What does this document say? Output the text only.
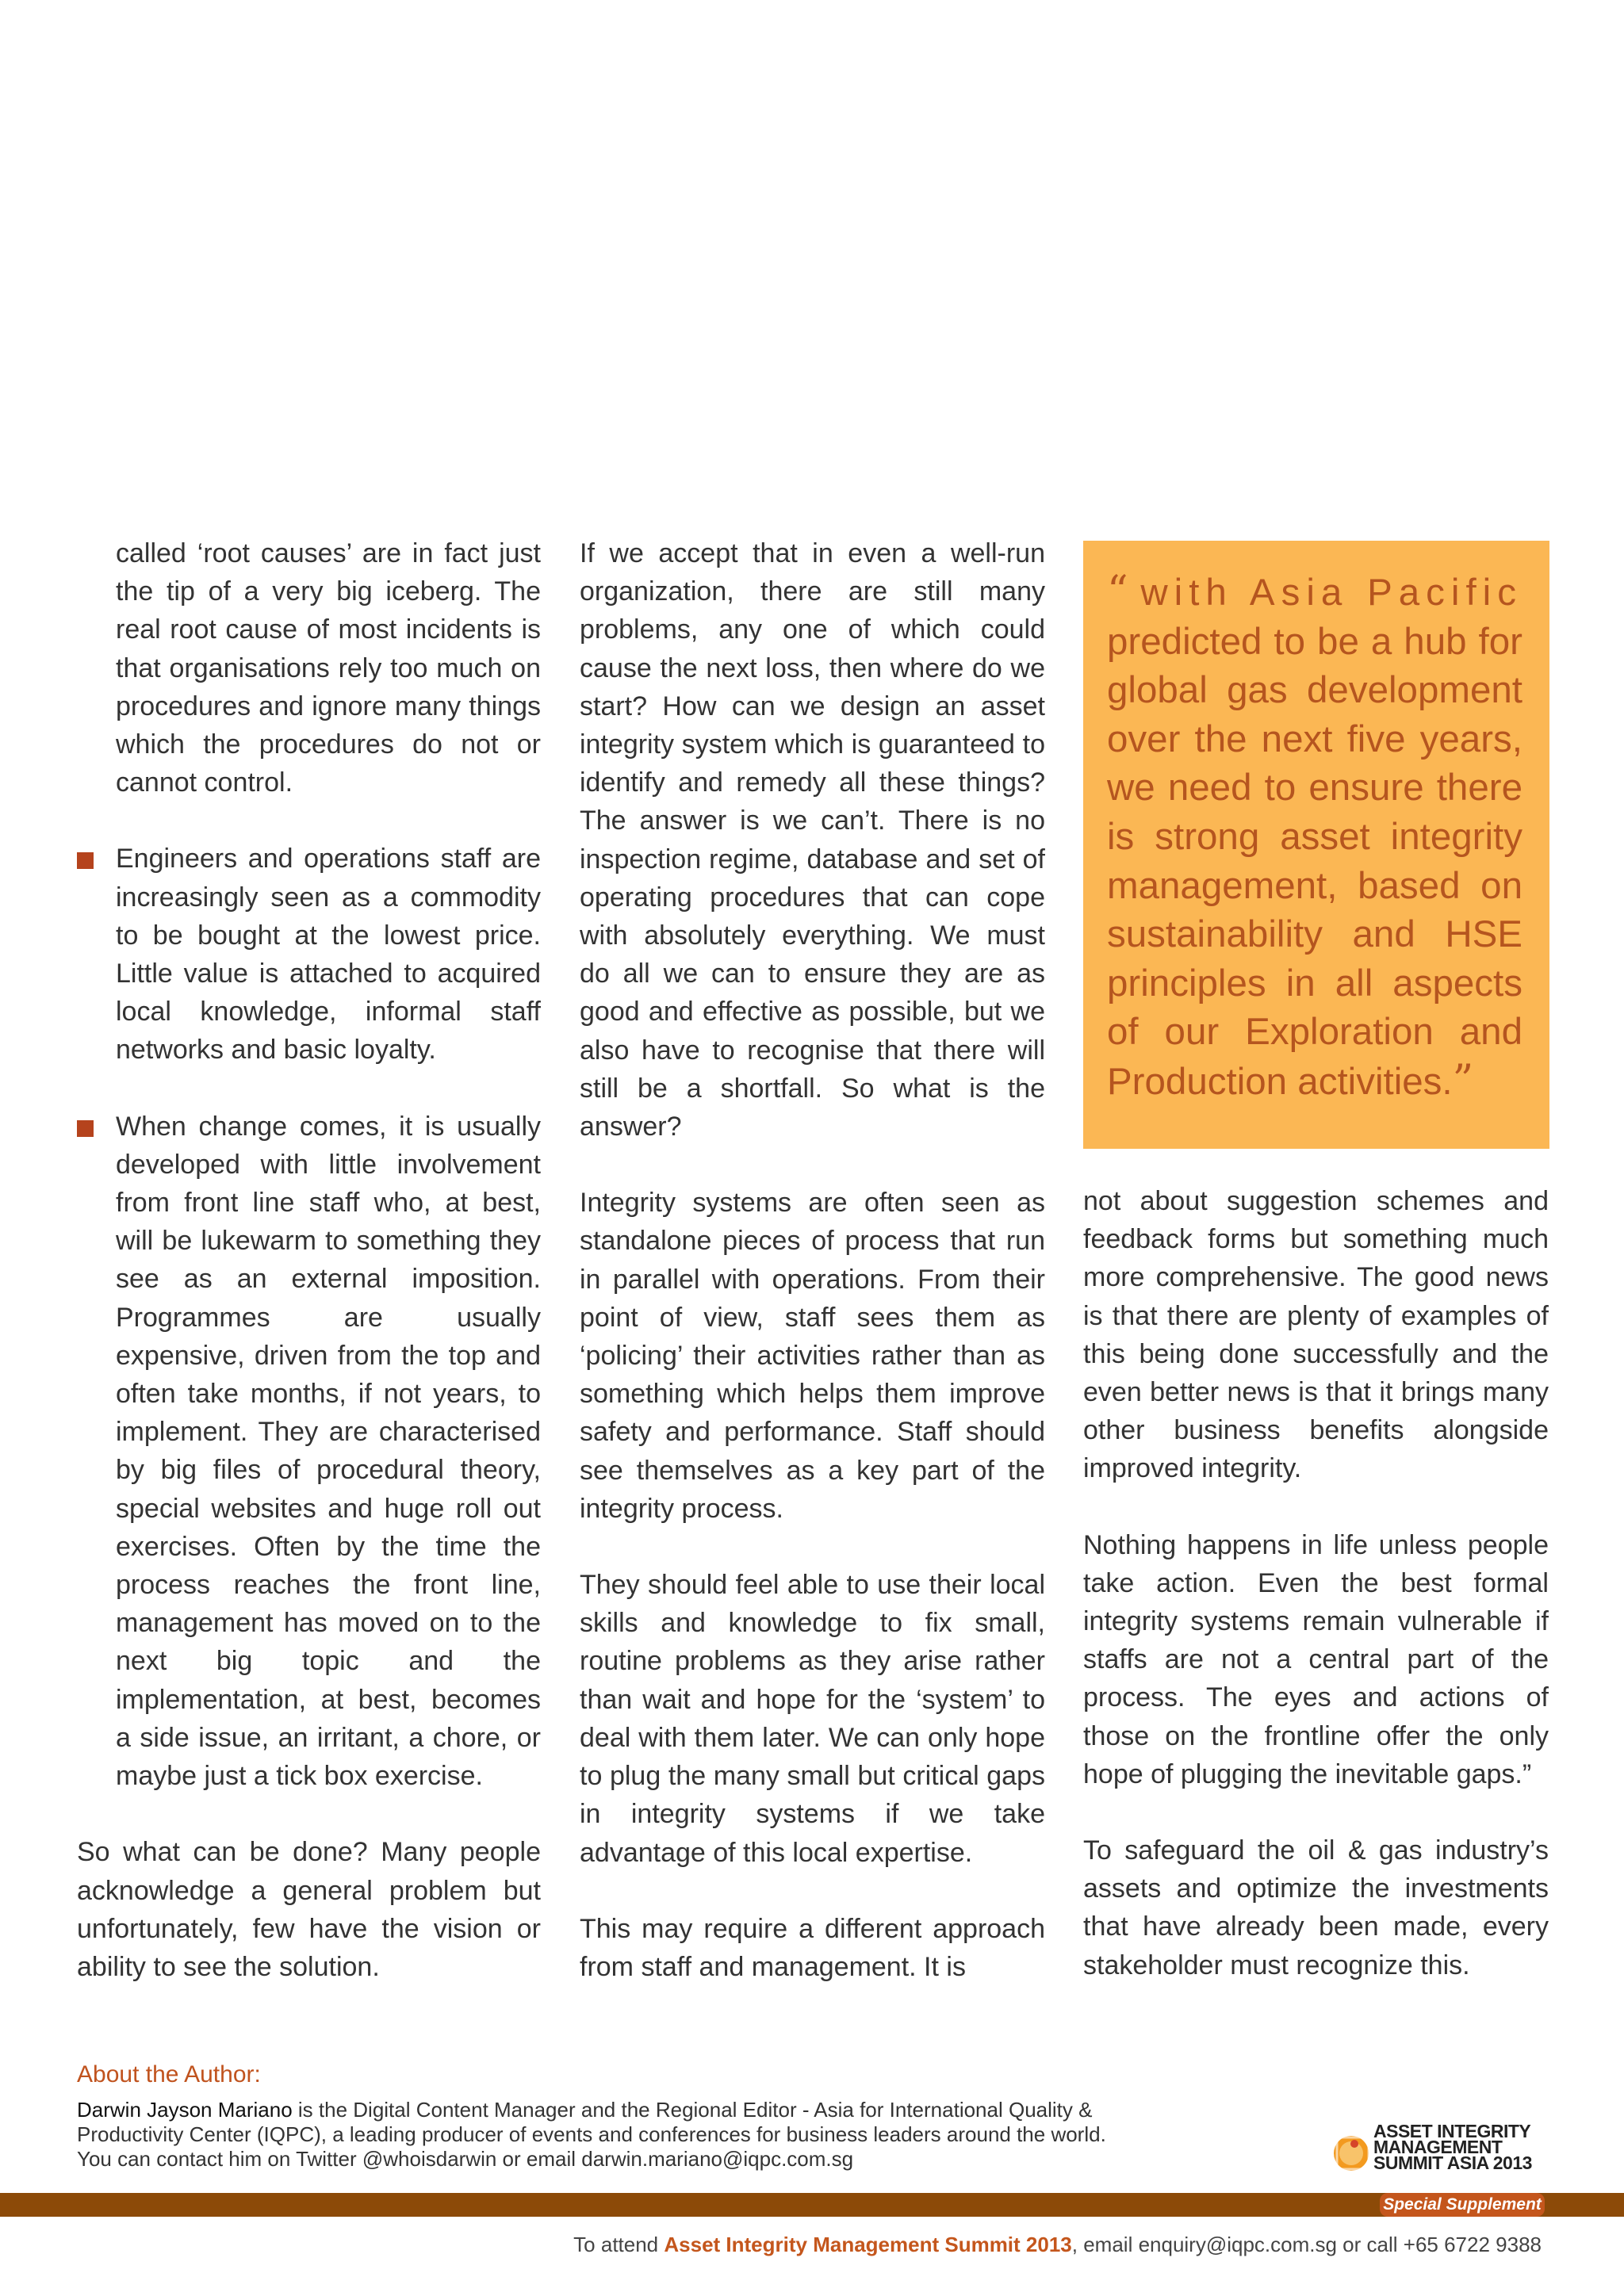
called ‘root causes’ are in fact just the tip of a very big iceberg. The real root cause of most incidents is that organisations rely too much on procedures and ignore many things which the procedures do not or cannot control.

Engineers and operations staff are increasingly seen as a commodity to be bought at the lowest price. Little value is attached to acquired local knowledge, informal staff networks and basic loyalty.

When change comes, it is usually developed with little involvement from front line staff who, at best, will be lukewarm to something they see as an external imposition. Programmes are usually expensive, driven from the top and often take months, if not years, to implement. They are characterised by big files of procedural theory, special websites and huge roll out exercises. Often by the time the process reaches the front line, management has moved on to the next big topic and the implementation, at best, becomes a side issue, an irritant, a chore, or maybe just a tick box exercise.

So what can be done? Many people acknowledge a general problem but unfortunately, few have the vision or ability to see the solution.

If we accept that in even a well-run organization, there are still many problems, any one of which could cause the next loss, then where do we start? How can we design an asset integrity system which is guaranteed to identify and remedy all these things? The answer is we can’t. There is no inspection regime, database and set of operating procedures that can cope with absolutely everything. We must do all we can to ensure they are as good and effective as possible, but we also have to recognise that there will still be a shortfall. So what is the answer?

Integrity systems are often seen as standalone pieces of process that run in parallel with operations. From their point of view, staff sees them as ‘policing’ their activities rather than as something which helps them improve safety and performance. Staff should see themselves as a key part of the integrity process.

They should feel able to use their local skills and knowledge to fix small, routine problems as they arise rather than wait and hope for the ‘system’ to deal with them later. We can only hope to plug the many small but critical gaps in integrity systems if we take advantage of this local expertise.

This may require a different approach from staff and management. It is

“ with Asia Pacific predicted to be a hub for global gas development over the next five years, we need to ensure there is strong asset integrity management, based on sustainability and HSE principles in all aspects of our Exploration and Production activities.”

not about suggestion schemes and feedback forms but something much more comprehensive. The good news is that there are plenty of examples of this being done successfully and the even better news is that it brings many other business benefits alongside improved integrity.

Nothing happens in life unless people take action. Even the best formal integrity systems remain vulnerable if staffs are not a central part of the process. The eyes and actions of those on the frontline offer the only hope of plugging the inevitable gaps.”

To safeguard the oil & gas industry’s assets and optimize the investments that have already been made, every stakeholder must recognize this.

About the Author:
Darwin Jayson Mariano is the Digital Content Manager and the Regional Editor - Asia for International Quality & Productivity Center (IQPC), a leading producer of events and conferences for business leaders around the world. You can contact him on Twitter @whoisdarwin or email darwin.mariano@iqpc.com.sg
ASSET INTEGRITY
MANAGEMENT
SUMMIT ASIA 2013
Special Supplement
To attend Asset Integrity Management Summit 2013, email enquiry@iqpc.com.sg or call +65 6722 9388
